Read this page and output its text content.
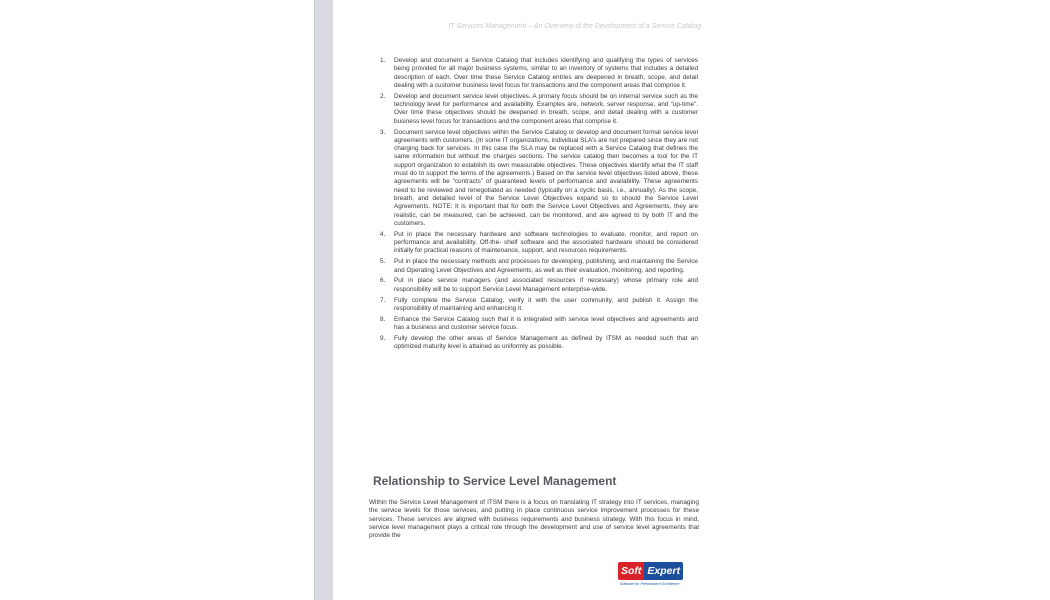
IT Services Management – An Overview of the Development of a Service Catalog
1. Develop and document a Service Catalog that includes identifying and qualifying the types of services being provided for all major business systems, similar to an inventory of systems that includes a detailed description of each. Over time these Service Catalog entries are deepened in breath, scope, and detail dealing with a customer business level focus for transactions and the component areas that comprise it.
2. Develop and document service level objectives. A primary focus should be on internal service such as the technology level for performance and availability. Examples are, network, server response, and “up-time”. Over time these objectives should be deepened in breath, scope, and detail dealing with a customer business level focus for transactions and the component areas that comprise it.
3. Document service level objectives within the Service Catalog or develop and document formal service level agreements with customers. (In some IT organizations, individual SLA’s are not prepared since they are not charging back for services. In this case the SLA may be replaced with a Service Catalog that defines the same information but without the charges sections. The service catalog then becomes a tool for the IT support organization to establish its own measurable objectives. These objectives identify what the IT staff must do to support the terms of the agreements.) Based on the service level objectives listed above, these agreements will be “contracts” of guaranteed levels of performance and availability. These agreements need to be reviewed and renegotiated as needed (typically on a cyclic basis, i.e., annually). As the scope, breath, and detailed level of the Service Level Objectives expand so to should the Service Level Agreements. NOTE: It is important that for both the Service Level Objectives and Agreements, they are realistic, can be measured, can be achieved, can be monitored, and are agreed to by both IT and the customers.
4. Put in place the necessary hardware and software technologies to evaluate, monitor, and report on performance and availability. Off-the- shelf software and the associated hardware should be considered initially for practical reasons of maintenance, support, and resources requirements.
5. Put in place the necessary methods and processes for developing, publishing, and maintaining the Service and Operating Level Objectives and Agreements, as well as their evaluation, monitoring, and reporting.
6. Put in place service managers (and associated resources if necessary) whose primary role and responsibility will be to support Service Level Management enterprise-wide.
7. Fully complete the Service Catalog, verify it with the user community, and publish it. Assign the responsibility of maintaining and enhancing it.
8. Enhance the Service Catalog such that it is integrated with service level objectives and agreements and has a business and customer service focus.
9. Fully develop the other areas of Service Management as defined by ITSM as needed such that an optimized maturity level is attained as uniformly as possible.
Relationship to Service Level Management

Within the Service Level Management of ITSM there is a focus on translating IT strategy into IT services, managing the service levels for those services, and putting in place continuous service improvement processes for these services. These services are aligned with business requirements and business strategy. With this focus in mind, service level management plays a critical role through the development and use of service level agreements that provide the

Soft Expert
Software for Performance Excellence
